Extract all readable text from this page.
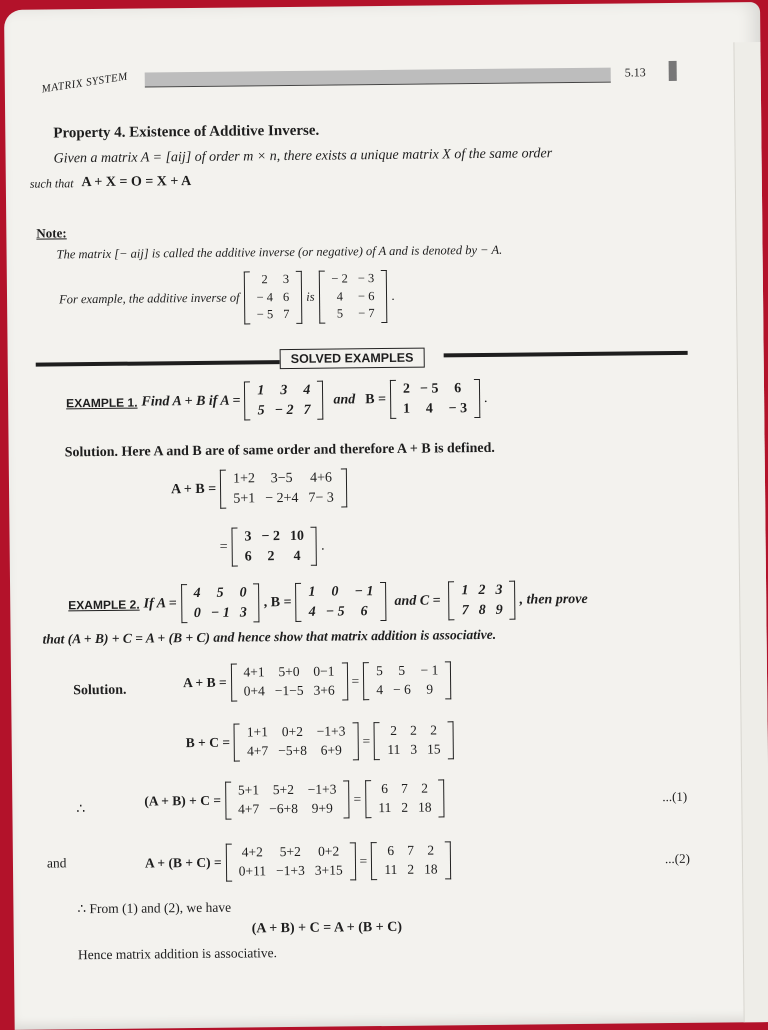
MATRIX SYSTEM	5.13
Property 4. Existence of Additive Inverse.
Given a matrix A = [aij] of order m × n, there exists a unique matrix X of the same order
such that A + X = O = X + A
Note:
The matrix [− aij] is called the additive inverse (or negative) of A and is denoted by − A.
For example, the additive inverse of
2	3
− 4	6
− 5	7
is
− 2	− 3
4	− 6
5	− 7
.
SOLVED EXAMPLES
EXAMPLE 1. Find A + B if A =
1	3	4
5	− 2	7
and B =
2	− 5	6
1	4	− 3
.
Solution. Here A and B are of same order and therefore A + B is defined.
A + B =
1+2	3−5	4+6
5+1	− 2+4	7− 3
=
3	− 2	10
6	2	4
.
EXAMPLE 2. If A =
4	5	0
0	− 1	3
, B =
1	0	− 1
4	− 5	6
and C =
1	2	3
7	8	9
, then prove
that (A + B) + C = A + (B + C) and hence show that matrix addition is associative.
Solution.
A + B =
4+1	5+0	0−1
0+4	−1−5	3+6
=
5	5	− 1
4	− 6	9
B + C =
1+1	0+2	−1+3
4+7	−5+8	6+9
=
2	2	2
11	3	15
∴
(A + B) + C =
5+1	5+2	−1+3
4+7	−6+8	9+9
=
6	7	2
11	2	18
...(1)
and	A + (B + C) =
4+2	5+2	0+2
0+11	−1+3	3+15
=
6	7	2
11	2	18
...(2)
∴ From (1) and (2), we have
(A + B) + C = A + (B + C)
Hence matrix addition is associative.
